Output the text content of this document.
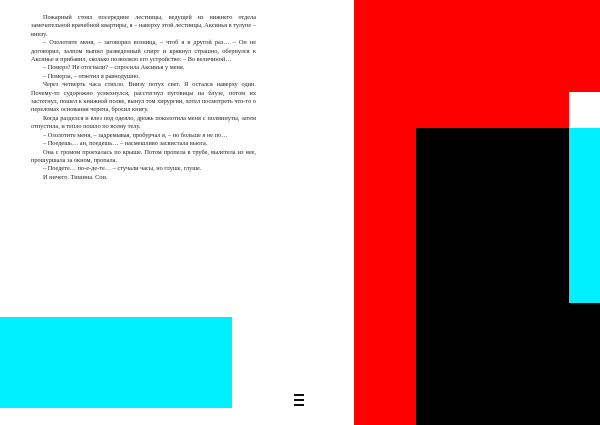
Пожарный стоял посередине лестницы, ведущей из нижнего отдела замечательной врачебной квартиры, я – наверху этой лестницы, Аксинья в тулупе – внизу.

– Озолотите меня, – заговорил возница, – чтоб я в другой раз… – Он не договорил, залпом выпил разведенный спирт и крякнул страшно, обернулся к Аксинье и прибавил, сколько позволяло его устройство: – Во величиной…

– Померз? Не отогнали? – спросила Аксинья у меня.

– Померза, – ответил я равнодушно.

Через четверть часа стихло. Внизу потух свет. Я остался наверху один. Почему-то судорожно усмехнулся, расстегнул пуговицы на блузе, потом их застегнул, пошел к книжной полке, вынул том хирургии, хотел посмотреть что-то о переломах основания черепа, бросил книгу.

Когда разделся и влез под одеяло, дрожь поколотила меня с полминуты, затем отпустила, и тепло пошло по всему телу.

– Озолотите меня, – задремывая, пробурчал я, – но больше я не по…

– Поедешь… ан, поедешь… – насмешливо засвистала вьюга.

Она с громом проехалась по крыше. Потом пропела в трубе, вылетела из нее, прошуршала за окном, пропала.

– Поедете… по-е-де-те… – стучали часы, но глуше, глуше.

И ничего. Тишина. Сон.
